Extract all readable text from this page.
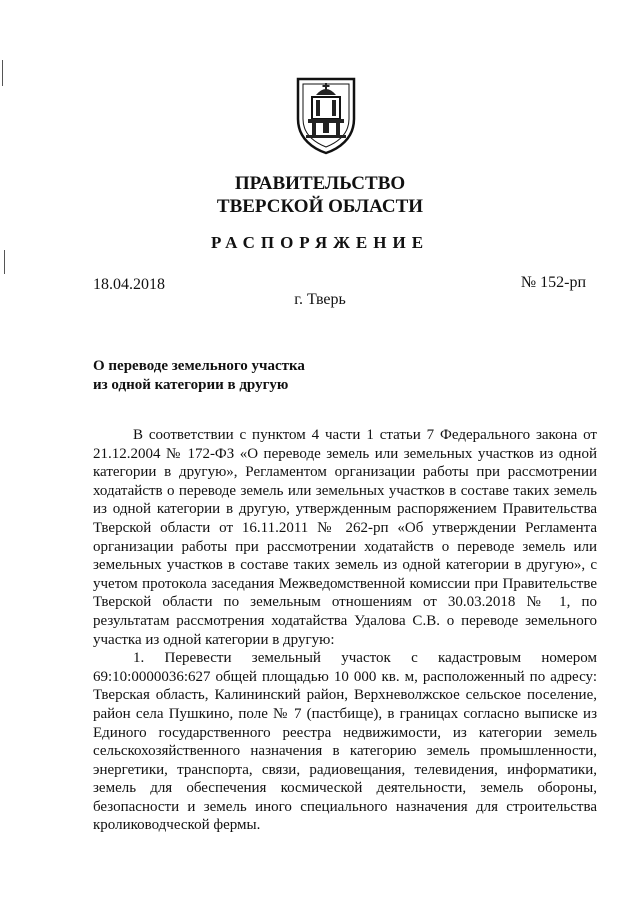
ПРАВИТЕЛЬСТВО
ТВЕРСКОЙ ОБЛАСТИ
РАСПОРЯЖЕНИЕ
18.04.2018	№ 152-рп
г. Тверь
О переводе земельного участка
из одной категории в другую

В соответствии с пунктом 4 части 1 статьи 7 Федерального закона от 21.12.2004 № 172-ФЗ «О переводе земель или земельных участков из одной категории в другую», Регламентом организации работы при рассмотрении ходатайств о переводе земель или земельных участков в составе таких земель из одной категории в другую, утвержденным распоряжением Правительства Тверской области от 16.11.2011 № 262-рп «Об утверждении Регламента организации работы при рассмотрении ходатайств о переводе земель или земельных участков в составе таких земель из одной категории в другую», с учетом протокола заседания Межведомственной комиссии при Правительстве Тверской области по земельным отношениям от 30.03.2018 № 1, по результатам рассмотрения ходатайства Удалова С.В. о переводе земельного участка из одной категории в другую:

1. Перевести земельный участок с кадастровым номером 69:10:0000036:627 общей площадью 10 000 кв. м, расположенный по адресу: Тверская область, Калининский район, Верхневолжское сельское поселение, район села Пушкино, поле № 7 (пастбище), в границах согласно выписке из Единого государственного реестра недвижимости, из категории земель сельскохозяйственного назначения в категорию земель промышленности, энергетики, транспорта, связи, радиовещания, телевидения, информатики, земель для обеспечения космической деятельности, земель обороны, безопасности и земель иного специального назначения для строительства кролиководческой фермы.
